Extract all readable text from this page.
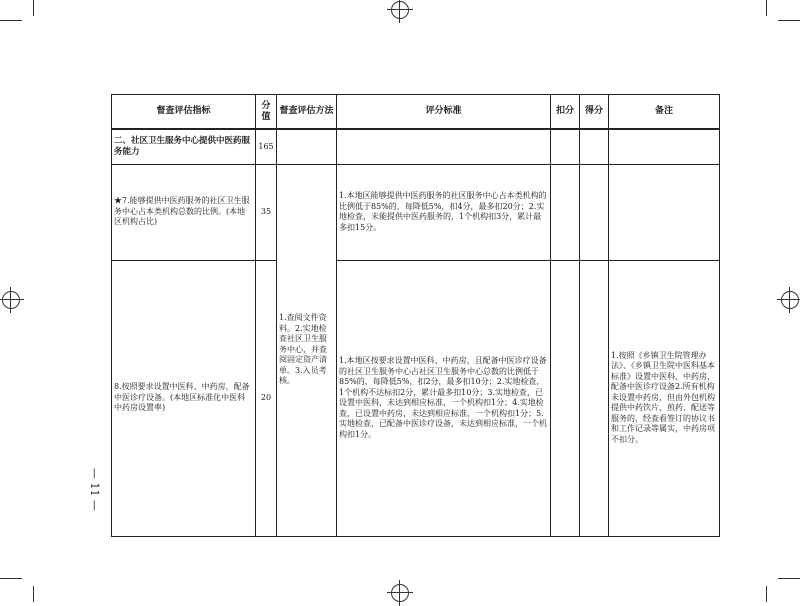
— 11 —
督查评估指标	分值	督查评估方法	评分标准	扣分	得分	备注
二、社区卫生服务中心提供中医药服务能力	165					
★7.能够提供中医药服务的社区卫生服务中心占本类机构总数的比例。(本地区机构占比)	35	1.查阅文件资料。2.实地检查社区卫生服务中心，并查阅固定资产清单。3.入员考核。	1.本地区能够提供中医药服务的社区服务中心占本类机构的比例低于85%的，每降低5%，扣4分，最多扣20分；2.实地检查，未能提供中医药服务的，1个机构扣3分，累计最多扣15分。			
8.按照要求设置中医科、中药房，配备中医诊疗设备。(本地区标准化中医科中药房设置率)	20		1.本地区按要求设置中医科、中药房，且配备中医诊疗设备的社区卫生服务中心占社区卫生服务中心总数的比例低于85%的，每降低5%，扣2分，最多扣10分；2.实地检查，1个机构不达标扣2分，累计最多扣10分；3.实地检查，已设置中医科，未达到相应标准，一个机构扣1分；4.实地检查，已设置中药房，未达到相应标准，一个机构扣1分；5.实地检查，已配备中医诊疗设备，未达到相应标准，一个机构扣1分。			1.按照《乡镇卫生院管理办法》、《乡镇卫生院中医科基本标准》设置中医科、中药房，配备中医诊疗设备2.所有机构未设置中药房，但由外包机构提供中药饮片、煎药、配送等服务的，经查看签订的协议书和工作记录等属实，中药房项不扣分。
